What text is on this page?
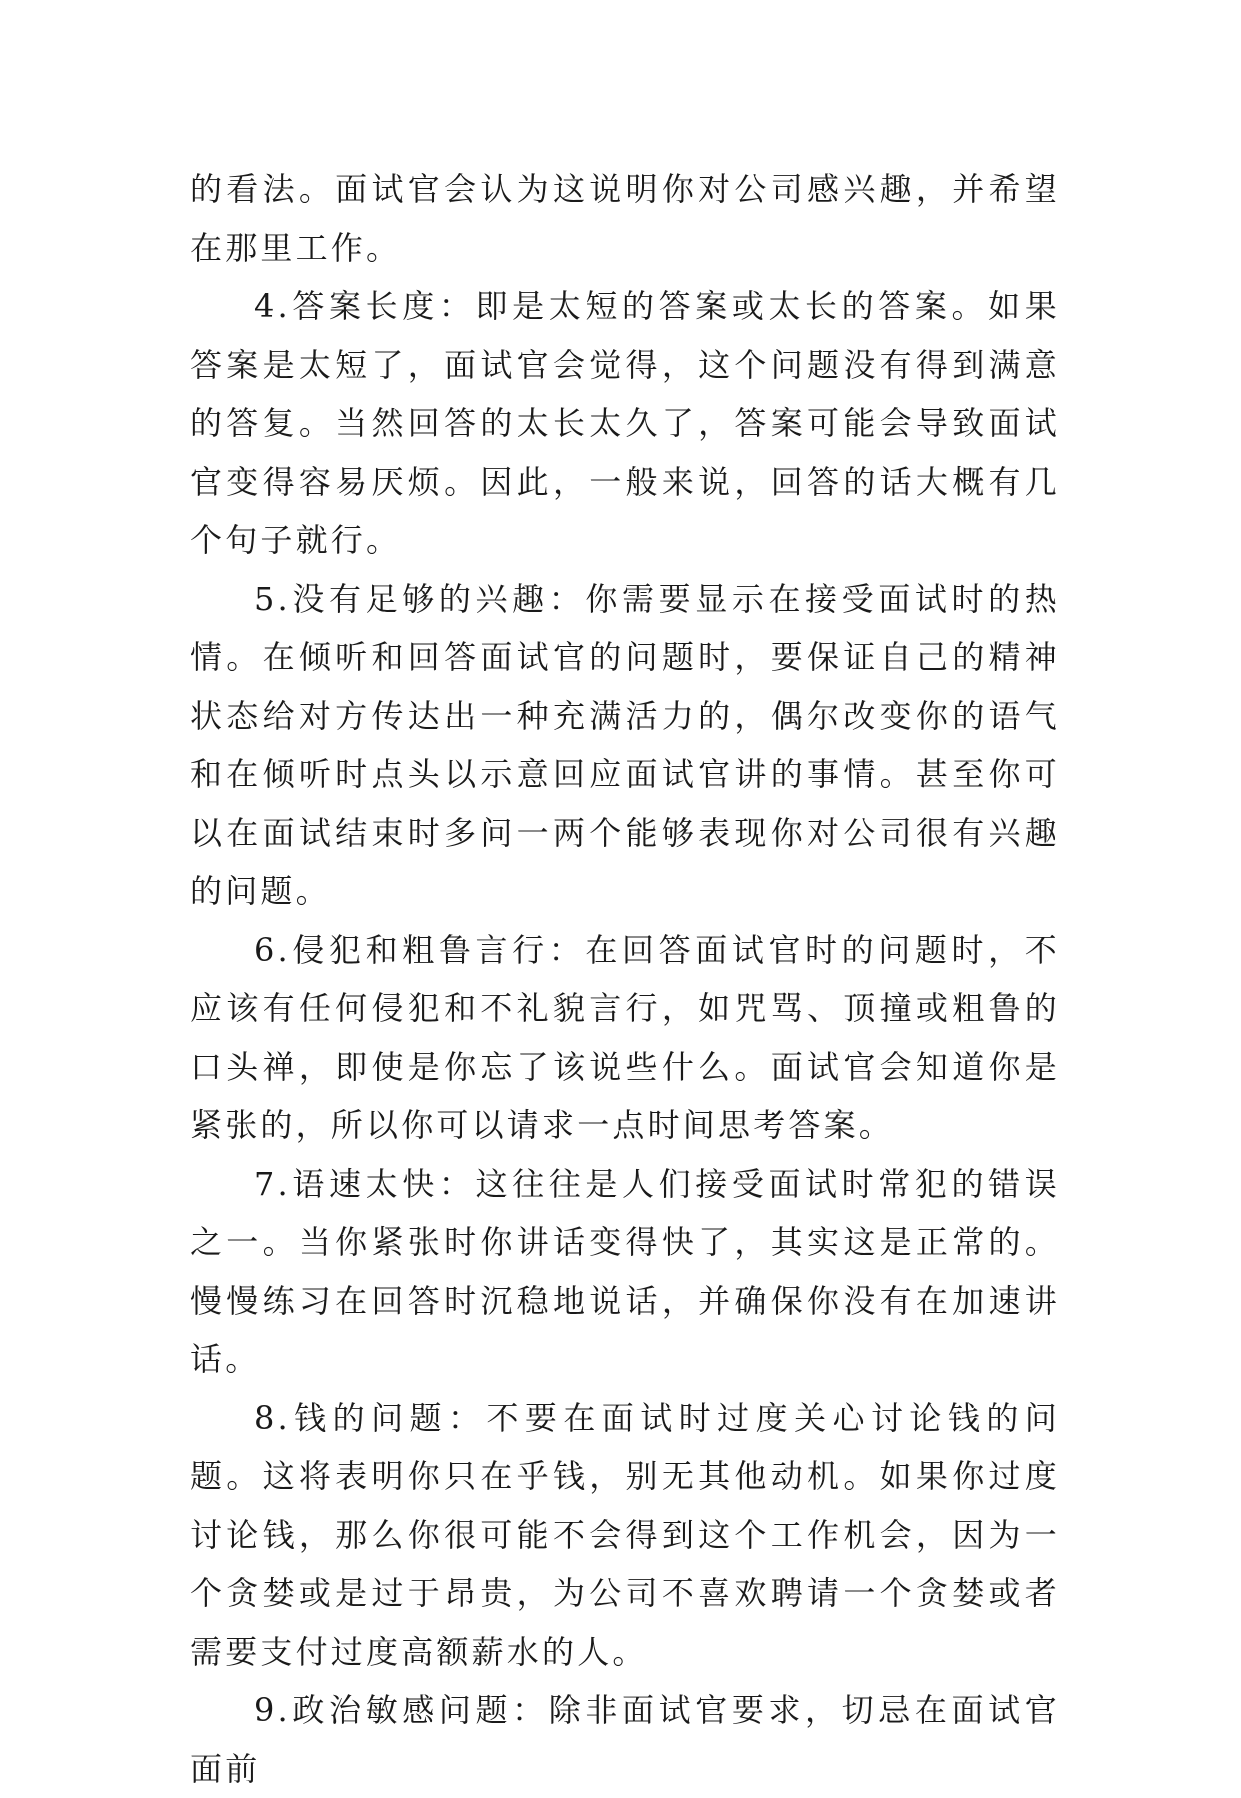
的看法。面试官会认为这说明你对公司感兴趣，并希望在那里工作。

4.答案长度：即是太短的答案或太长的答案。如果答案是太短了，面试官会觉得，这个问题没有得到满意的答复。当然回答的太长太久了，答案可能会导致面试官变得容易厌烦。因此，一般来说，回答的话大概有几个句子就行。

5.没有足够的兴趣：你需要显示在接受面试时的热情。在倾听和回答面试官的问题时，要保证自己的精神状态给对方传达出一种充满活力的，偶尔改变你的语气和在倾听时点头以示意回应面试官讲的事情。甚至你可以在面试结束时多问一两个能够表现你对公司很有兴趣的问题。

6.侵犯和粗鲁言行：在回答面试官时的问题时，不应该有任何侵犯和不礼貌言行，如咒骂、顶撞或粗鲁的口头禅，即使是你忘了该说些什么。面试官会知道你是紧张的，所以你可以请求一点时间思考答案。

7.语速太快：这往往是人们接受面试时常犯的错误之一。当你紧张时你讲话变得快了，其实这是正常的。慢慢练习在回答时沉稳地说话，并确保你没有在加速讲话。

8.钱的问题：不要在面试时过度关心讨论钱的问题。这将表明你只在乎钱，别无其他动机。如果你过度讨论钱，那么你很可能不会得到这个工作机会，因为一个贪婪或是过于昂贵，为公司不喜欢聘请一个贪婪或者需要支付过度高额薪水的人。

9.政治敏感问题：除非面试官要求，切忌在面试官面前
